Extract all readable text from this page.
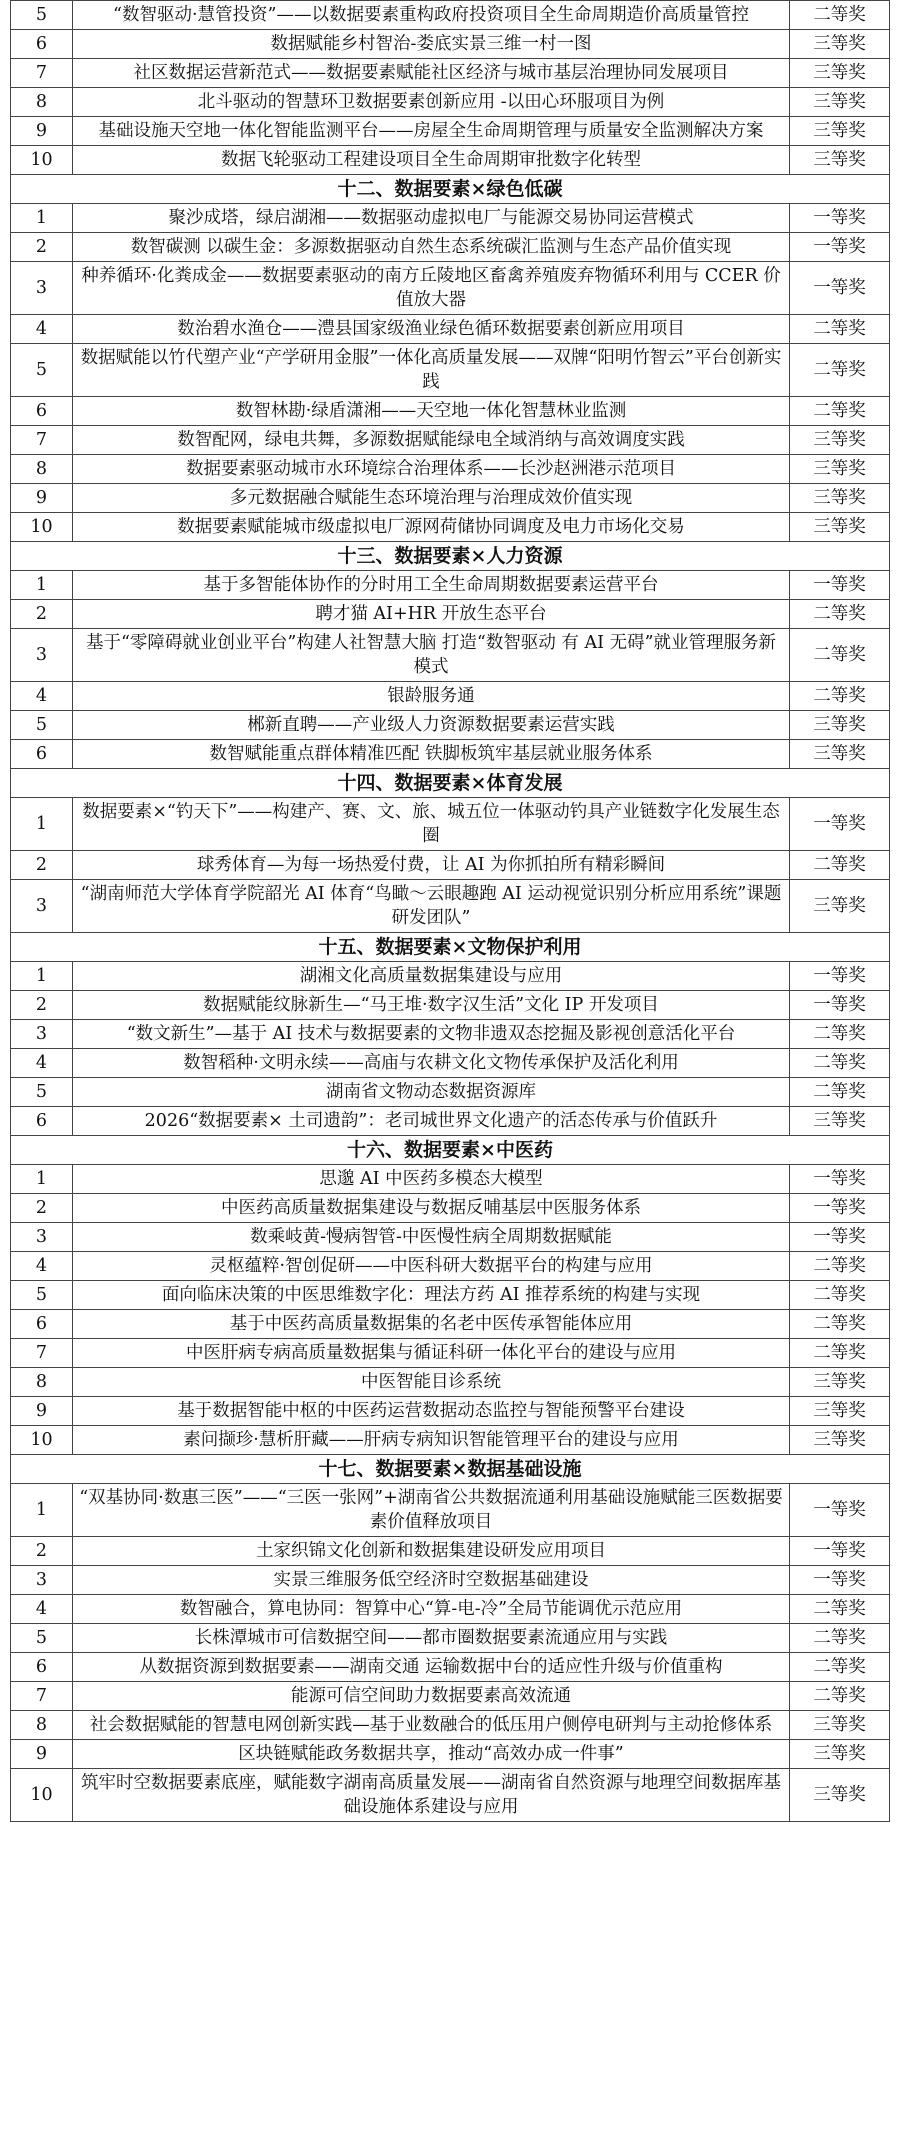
5	“数智驱动·慧管投资”——以数据要素重构政府投资项目全生命周期造价高质量管控	二等奖
6	数据赋能乡村智治-娄底实景三维一村一图	三等奖
7	社区数据运营新范式——数据要素赋能社区经济与城市基层治理协同发展项目	三等奖
8	北斗驱动的智慧环卫数据要素创新应用 -以田心环服项目为例	三等奖
9	基础设施天空地一体化智能监测平台——房屋全生命周期管理与质量安全监测解决方案	三等奖
10	数据飞轮驱动工程建设项目全生命周期审批数字化转型	三等奖
十二、数据要素×绿色低碳		
1	聚沙成塔，绿启湖湘——数据驱动虚拟电厂与能源交易协同运营模式	一等奖
2	数智碳测 以碳生金：多源数据驱动自然生态系统碳汇监测与生态产品价值实现	一等奖
3	种养循环·化粪成金——数据要素驱动的南方丘陵地区畜禽养殖废弃物循环利用与 CCER 价值放大器	一等奖
4	数治碧水渔仓——澧县国家级渔业绿色循环数据要素创新应用项目	二等奖
5	数据赋能以竹代塑产业“产学研用金服”一体化高质量发展——双牌“阳明竹智云”平台创新实践	二等奖
6	数智林勘·绿盾潇湘——天空地一体化智慧林业监测	二等奖
7	数智配网，绿电共舞，多源数据赋能绿电全域消纳与高效调度实践	三等奖
8	数据要素驱动城市水环境综合治理体系——长沙赵洲港示范项目	三等奖
9	多元数据融合赋能生态环境治理与治理成效价值实现	三等奖
10	数据要素赋能城市级虚拟电厂源网荷储协同调度及电力市场化交易	三等奖
十三、数据要素×人力资源		
1	基于多智能体协作的分时用工全生命周期数据要素运营平台	一等奖
2	聘才猫 AI+HR 开放生态平台	二等奖
3	基于“零障碍就业创业平台”构建人社智慧大脑 打造“数智驱动 有 AI 无碍”就业管理服务新模式	二等奖
4	银龄服务通	二等奖
5	郴新直聘——产业级人力资源数据要素运营实践	三等奖
6	数智赋能重点群体精准匹配 铁脚板筑牢基层就业服务体系	三等奖
十四、数据要素×体育发展		
1	数据要素×“钓天下”——构建产、赛、文、旅、城五位一体驱动钓具产业链数字化发展生态圈	一等奖
2	球秀体育—为每一场热爱付费，让 AI 为你抓拍所有精彩瞬间	二等奖
3	“湖南师范大学体育学院韶光 AI 体育“鸟瞰～云眼趣跑 AI 运动视觉识别分析应用系统”课题研发团队”	三等奖
十五、数据要素×文物保护利用		
1	湖湘文化高质量数据集建设与应用	一等奖
2	数据赋能纹脉新生—“马王堆·数字汉生活”文化 IP 开发项目	一等奖
3	“数文新生”—基于 AI 技术与数据要素的文物非遗双态挖掘及影视创意活化平台	二等奖
4	数智稻种·文明永续——高庙与农耕文化文物传承保护及活化利用	二等奖
5	湖南省文物动态数据资源库	二等奖
6	2026“数据要素× 土司遗韵”：老司城世界文化遗产的活态传承与价值跃升	三等奖
十六、数据要素×中医药		
1	思邈 AI 中医药多模态大模型	一等奖
2	中医药高质量数据集建设与数据反哺基层中医服务体系	一等奖
3	数乘岐黄-慢病智管-中医慢性病全周期数据赋能	一等奖
4	灵枢蕴粹·智创促研——中医科研大数据平台的构建与应用	二等奖
5	面向临床决策的中医思维数字化：理法方药 AI 推荐系统的构建与实现	二等奖
6	基于中医药高质量数据集的名老中医传承智能体应用	二等奖
7	中医肝病专病高质量数据集与循证科研一体化平台的建设与应用	二等奖
8	中医智能目诊系统	三等奖
9	基于数据智能中枢的中医药运营数据动态监控与智能预警平台建设	三等奖
10	素问撷珍·慧析肝藏——肝病专病知识智能管理平台的建设与应用	三等奖
十七、数据要素×数据基础设施		
1	“双基协同·数惠三医”——“三医一张网”+湖南省公共数据流通利用基础设施赋能三医数据要素价值释放项目	一等奖
2	土家织锦文化创新和数据集建设研发应用项目	一等奖
3	实景三维服务低空经济时空数据基础建设	一等奖
4	数智融合，算电协同：智算中心“算-电-冷”全局节能调优示范应用	二等奖
5	长株潭城市可信数据空间——都市圈数据要素流通应用与实践	二等奖
6	从数据资源到数据要素——湖南交通 运输数据中台的适应性升级与价值重构	二等奖
7	能源可信空间助力数据要素高效流通	二等奖
8	社会数据赋能的智慧电网创新实践—基于业数融合的低压用户侧停电研判与主动抢修体系	三等奖
9	区块链赋能政务数据共享，推动“高效办成一件事”	三等奖
10	筑牢时空数据要素底座，赋能数字湖南高质量发展——湖南省自然资源与地理空间数据库基础设施体系建设与应用	三等奖
